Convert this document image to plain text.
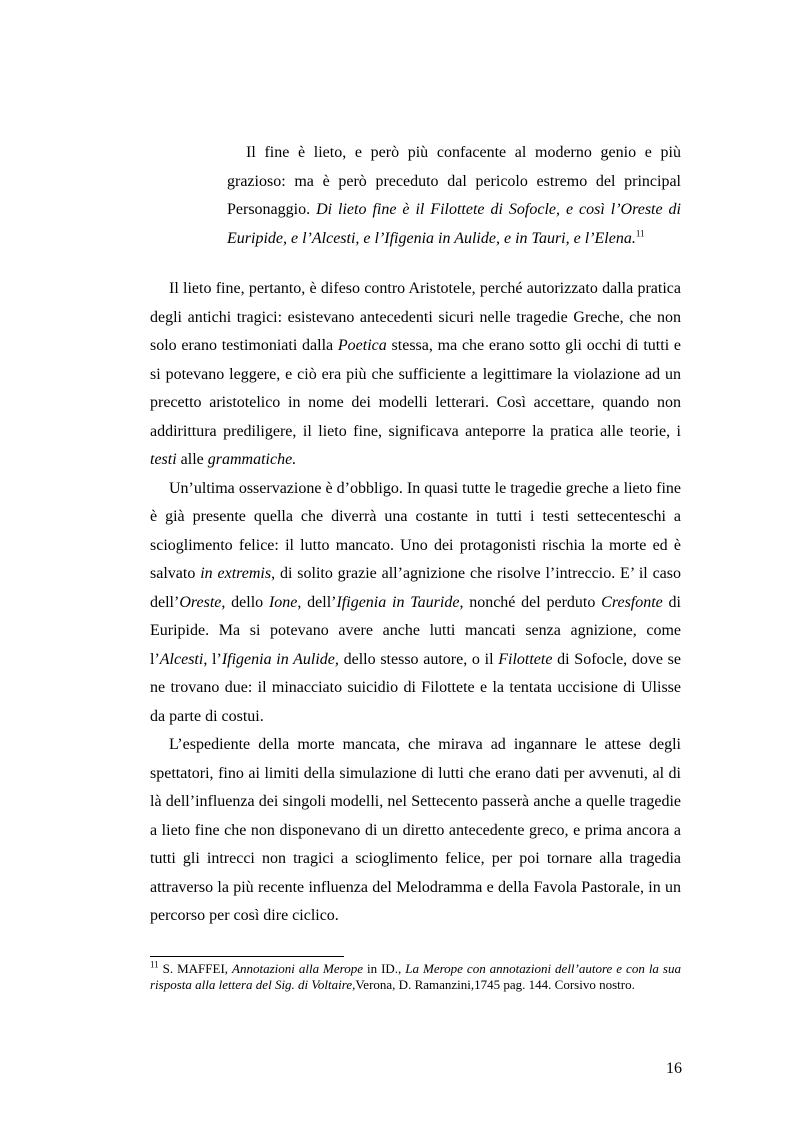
Il fine è lieto, e però più confacente al moderno genio e più grazioso: ma è però preceduto dal pericolo estremo del principal Personaggio. Di lieto fine è il Filottete di Sofocle, e così l’Oreste di Euripide, e l’Alcesti, e l’Ifigenia in Aulide, e in Tauri, e l’Elena.$^{11}$

Il lieto fine, pertanto, è difeso contro Aristotele, perché autorizzato dalla pratica degli antichi tragici: esistevano antecedenti sicuri nelle tragedie Greche, che non solo erano testimoniati dalla Poetica stessa, ma che erano sotto gli occhi di tutti e si potevano leggere, e ciò era più che sufficiente a legittimare la violazione ad un precetto aristotelico in nome dei modelli letterari. Così accettare, quando non addirittura prediligere, il lieto fine, significava anteporre la pratica alle teorie, i testi alle grammatiche.

Un’ultima osservazione è d’obbligo. In quasi tutte le tragedie greche a lieto fine è già presente quella che diverrà una costante in tutti i testi settecenteschi a scioglimento felice: il lutto mancato. Uno dei protagonisti rischia la morte ed è salvato in extremis, di solito grazie all’agnizione che risolve l’intreccio. E’ il caso dell’Oreste, dello Ione, dell’Ifigenia in Tauride, nonché del perduto Cresfonte di Euripide. Ma si potevano avere anche lutti mancati senza agnizione, come l’Alcesti, l’Ifigenia in Aulide, dello stesso autore, o il Filottete di Sofocle, dove se ne trovano due: il minacciato suicidio di Filottete e la tentata uccisione di Ulisse da parte di costui.

L’espediente della morte mancata, che mirava ad ingannare le attese degli spettatori, fino ai limiti della simulazione di lutti che erano dati per avvenuti, al di là dell’influenza dei singoli modelli, nel Settecento passerà anche a quelle tragedie a lieto fine che non disponevano di un diretto antecedente greco, e prima ancora a tutti gli intrecci non tragici a scioglimento felice, per poi tornare alla tragedia attraverso la più recente influenza del Melodramma e della Favola Pastorale, in un percorso per così dire ciclico.

$^{11}$ S. MAFFEI, Annotazioni alla Merope in ID., La Merope con annotazioni dell’autore e con la sua risposta alla lettera del Sig. di Voltaire,Verona, D. Ramanzini,1745 pag. 144. Corsivo nostro.
16
